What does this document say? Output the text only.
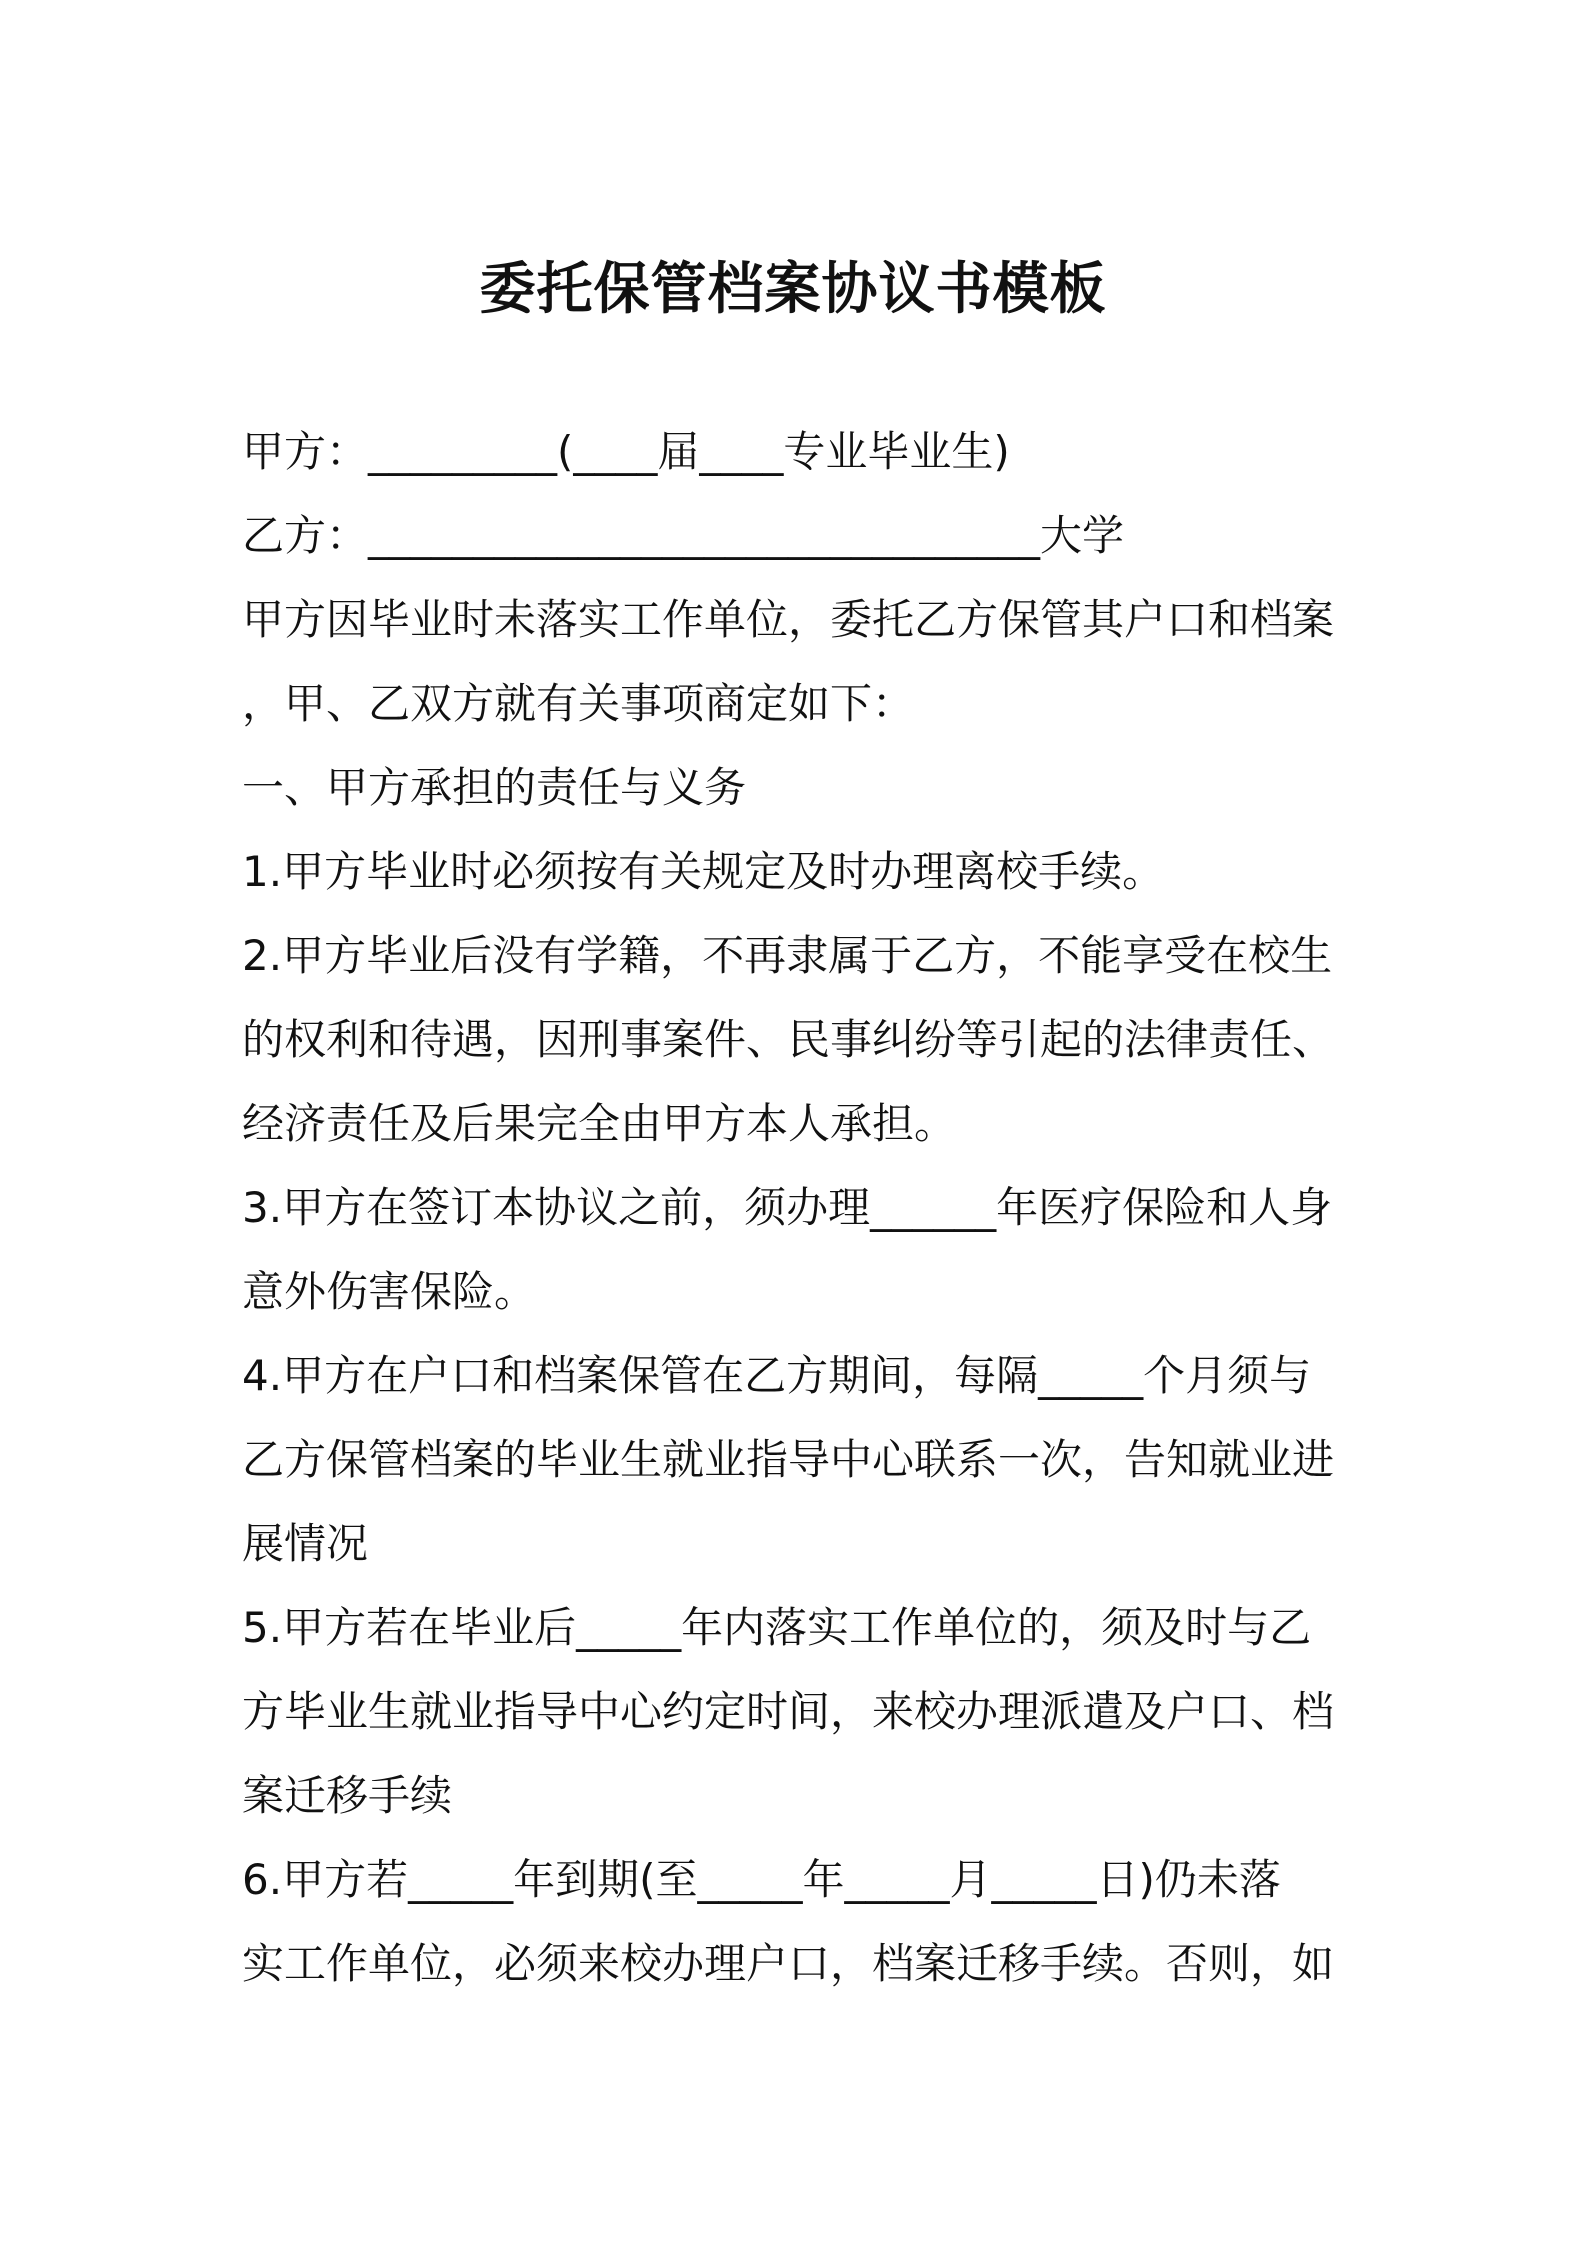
委托保管档案协议书模板
甲方：_________(____届____专业毕业生)
乙方：________________________________大学
甲方因毕业时未落实工作单位，委托乙方保管其户口和档案
，甲、乙双方就有关事项商定如下：
一、甲方承担的责任与义务
1.甲方毕业时必须按有关规定及时办理离校手续。
2.甲方毕业后没有学籍，不再隶属于乙方，不能享受在校生
的权利和待遇，因刑事案件、民事纠纷等引起的法律责任、
经济责任及后果完全由甲方本人承担。
3.甲方在签订本协议之前，须办理______年医疗保险和人身
意外伤害保险。
4.甲方在户口和档案保管在乙方期间，每隔_____个月须与
乙方保管档案的毕业生就业指导中心联系一次，告知就业进
展情况
5.甲方若在毕业后_____年内落实工作单位的，须及时与乙
方毕业生就业指导中心约定时间，来校办理派遣及户口、档
案迁移手续
6.甲方若_____年到期(至_____年_____月_____日)仍未落
实工作单位，必须来校办理户口，档案迁移手续。否则，如
